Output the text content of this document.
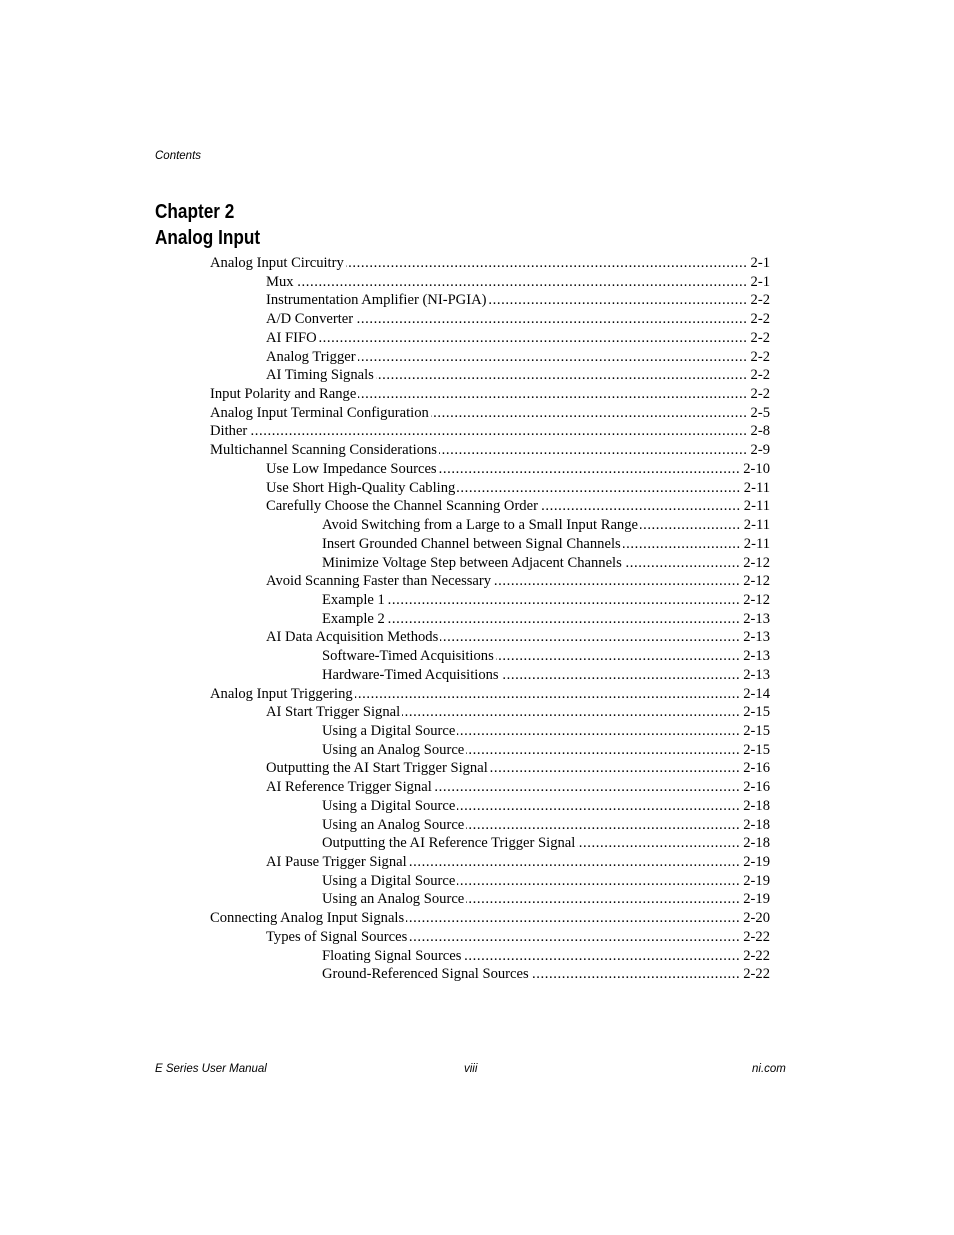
Contents
Chapter 2
Analog Input
Analog Input Circuitry .....	2-1
Mux .....	2-1
Instrumentation Amplifier (NI-PGIA) .....	2-2
A/D Converter .....	2-2
AI FIFO .....	2-2
Analog Trigger .....	2-2
AI Timing Signals .....	2-2
Input Polarity and Range .....	2-2
Analog Input Terminal Configuration .....	2-5
Dither .....	2-8
Multichannel Scanning Considerations .....	2-9
Use Low Impedance Sources .....	2-10
Use Short High-Quality Cabling .....	2-11
Carefully Choose the Channel Scanning Order .....	2-11
Avoid Switching from a Large to a Small Input Range .....	2-11
Insert Grounded Channel between Signal Channels .....	2-11
Minimize Voltage Step between Adjacent Channels .....	2-12
Avoid Scanning Faster than Necessary .....	2-12
Example 1 .....	2-12
Example 2 .....	2-13
AI Data Acquisition Methods .....	2-13
Software-Timed Acquisitions .....	2-13
Hardware-Timed Acquisitions .....	2-13
Analog Input Triggering .....	2-14
AI Start Trigger Signal .....	2-15
Using a Digital Source .....	2-15
Using an Analog Source .....	2-15
Outputting the AI Start Trigger Signal .....	2-16
AI Reference Trigger Signal .....	2-16
Using a Digital Source .....	2-18
Using an Analog Source .....	2-18
Outputting the AI Reference Trigger Signal .....	2-18
AI Pause Trigger Signal .....	2-19
Using a Digital Source .....	2-19
Using an Analog Source .....	2-19
Connecting Analog Input Signals .....	2-20
Types of Signal Sources .....	2-22
Floating Signal Sources .....	2-22
Ground-Referenced Signal Sources .....	2-22
E Series User Manual	viii	ni.com
